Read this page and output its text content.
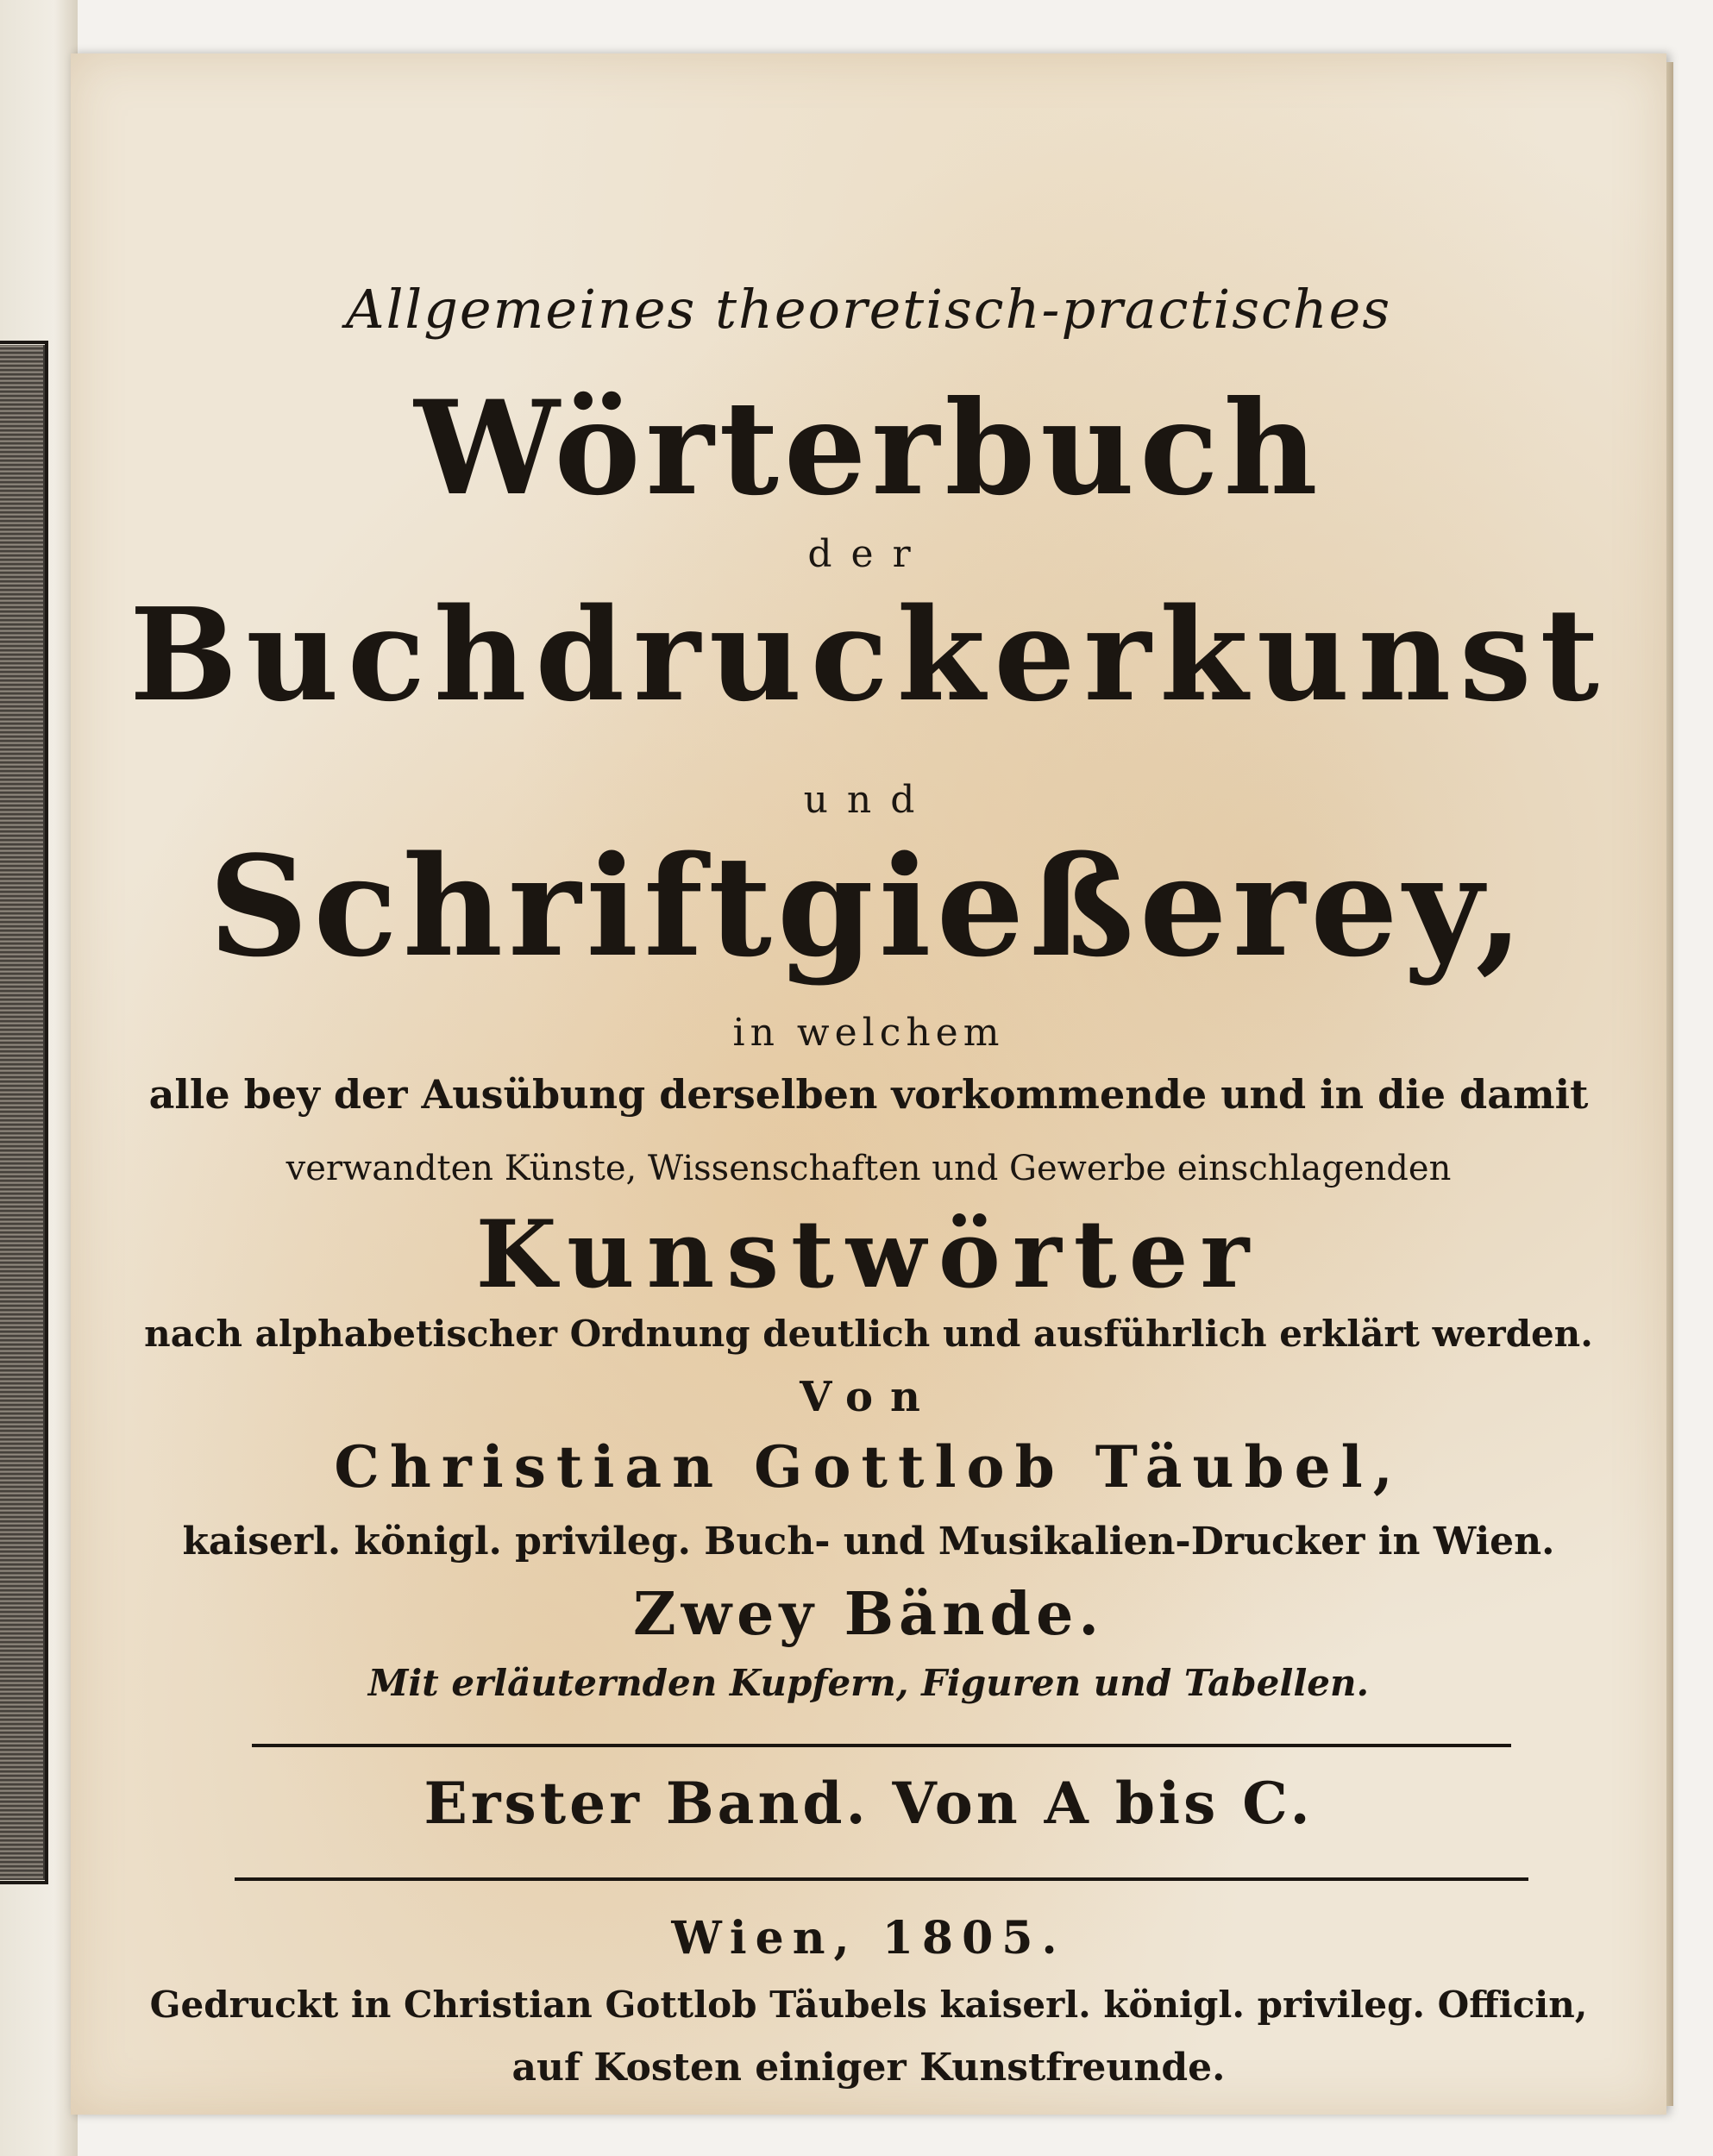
Allgemeines theoretisch-practisches
Wörterbuch
der
Buchdruckerkunst
und
Schriftgießerey,
in welchem
alle bey der Ausübung derselben vorkommende und in die damit
verwandten Künste, Wissenschaften und Gewerbe einschlagenden
Kunstwörter
nach alphabetischer Ordnung deutlich und ausführlich erklärt werden.
Von
Christian Gottlob Täubel,
kaiserl. königl. privileg. Buch- und Musikalien-Drucker in Wien.
Zwey Bände.
Mit erläuternden Kupfern, Figuren und Tabellen.
Erster Band. Von A bis C.
Wien, 1805.
Gedruckt in Christian Gottlob Täubels kaiserl. königl. privileg. Officin,
auf Kosten einiger Kunstfreunde.
